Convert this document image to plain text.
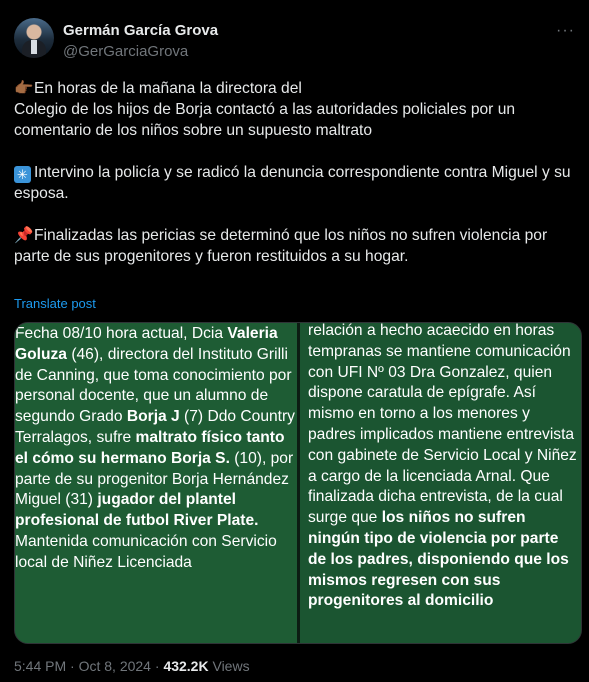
Germán García Grova
@GerGarciaGrova
···

👉🏾En horas de la mañana la directora del
Colegio de los hijos de Borja contactó a las autoridades policiales por un comentario de los niños sobre un supuesto maltrato

✳ Intervino la policía y se radicó la denuncia correspondiente contra Miguel y su esposa.

📌Finalizadas las pericias se determinó que los niños no sufren violencia por parte de sus progenitores y fueron restituidos a su hogar.

Translate post

Fecha 08/10 hora actual, Dcia Valeria Goluza (46), directora del Instituto Grilli de Canning, que toma conocimiento por personal docente, que un alumno de segundo Grado Borja J (7) Ddo Country Terralagos, sufre maltrato físico tanto el cómo su hermano Borja S. (10), por parte de su progenitor Borja Hernández Miguel (31) jugador del plantel profesional de futbol River Plate. Mantenida comunicación con Servicio local de Niñez Licenciada

relación a hecho acaecido en horas tempranas se mantiene comunicación con UFI Nº 03 Dra Gonzalez, quien dispone caratula de epígrafe. Así mismo en torno a los menores y padres implicados mantiene entrevista con gabinete de Servicio Local y Niñez a cargo de la licenciada Arnal. Que finalizada dicha entrevista, de la cual surge que los niños no sufren ningún tipo de violencia por parte de los padres, disponiendo que los mismos regresen con sus progenitores al domicilio

5:44 PM · Oct 8, 2024 · 432.2K Views
